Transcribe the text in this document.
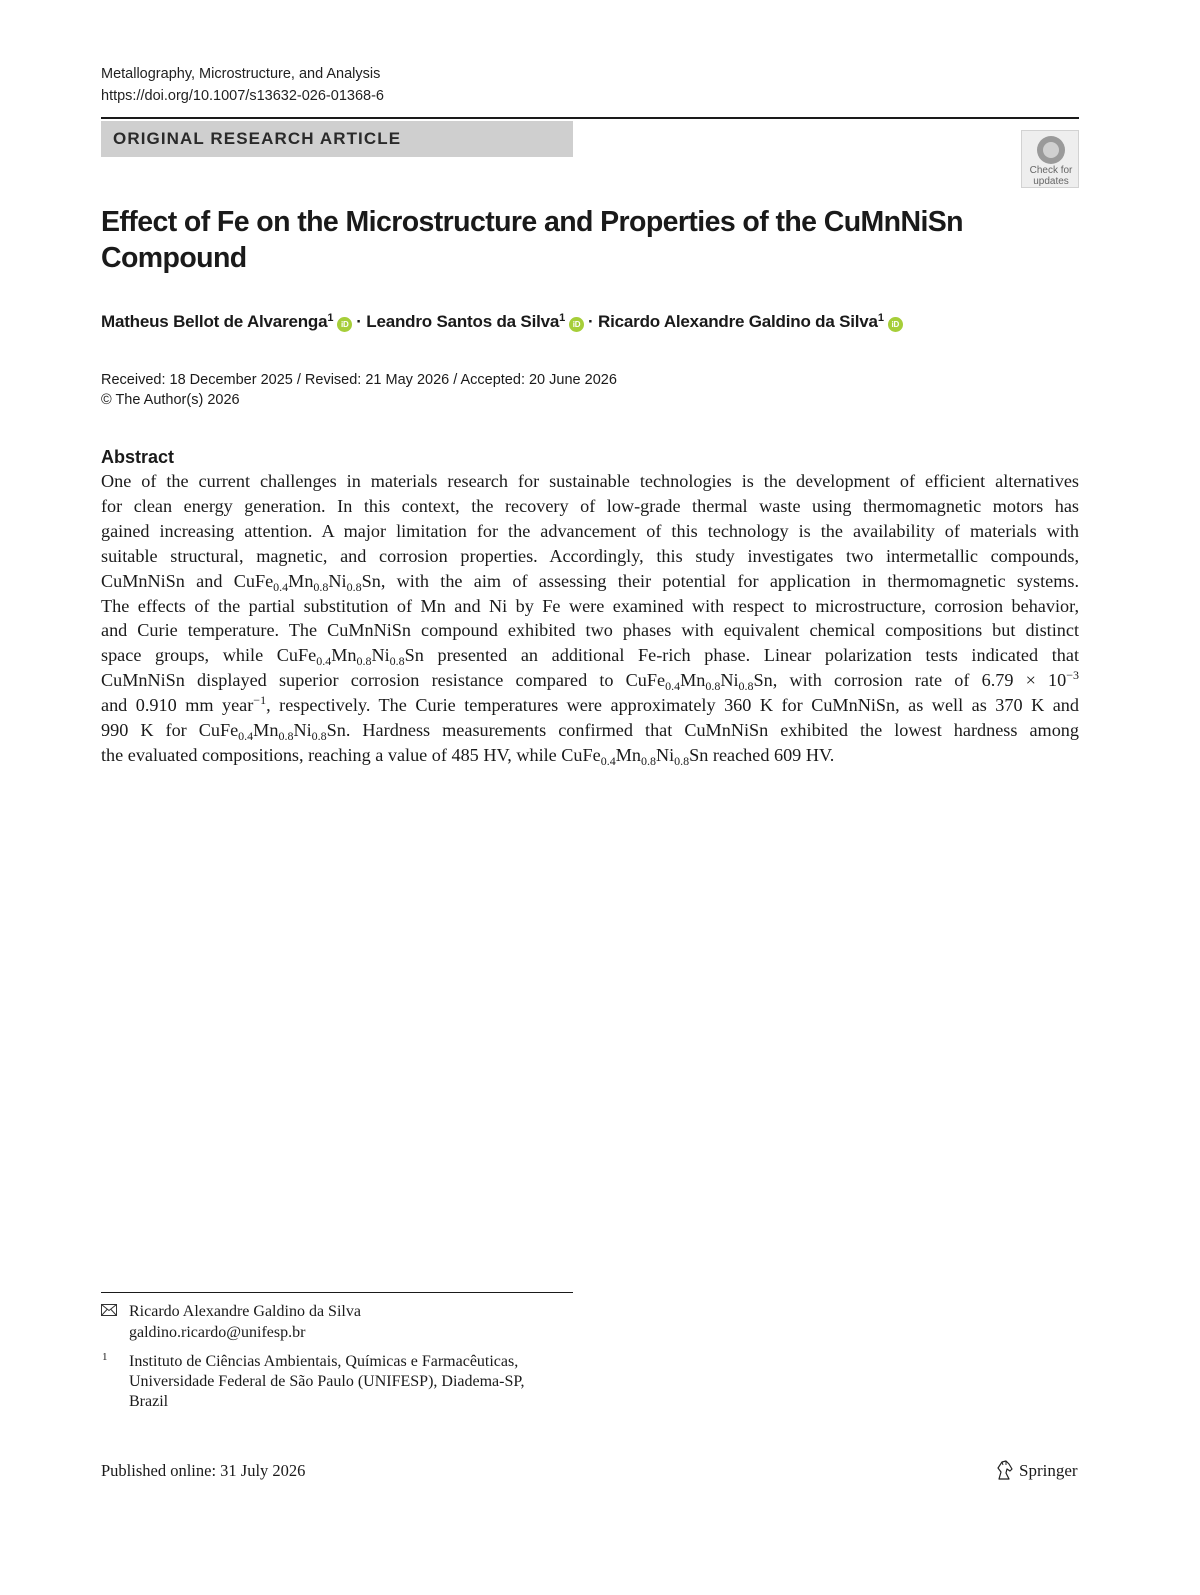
Metallography, Microstructure, and Analysis
https://doi.org/10.1007/s13632-026-01368-6
ORIGINAL RESEARCH ARTICLE
Check for
updates
Effect of Fe on the Microstructure and Properties of the CuMnNiSn
Compound
Matheus Bellot de Alvarenga$^1$iD · Leandro Santos da Silva$^1$iD · Ricardo Alexandre Galdino da Silva$^1$iD
Received: 18 December 2025 / Revised: 21 May 2026 / Accepted: 20 June 2026
© The Author(s) 2026
Abstract
One of the current challenges in materials research for sustainable technologies is the development of efficient alternatives
for clean energy generation. In this context, the recovery of low-grade thermal waste using thermomagnetic motors has
gained increasing attention. A major limitation for the advancement of this technology is the availability of materials with
suitable structural, magnetic, and corrosion properties. Accordingly, this study investigates two intermetallic compounds,
CuMnNiSn and $CuFe_{0.4}Mn_{0.8}Ni_{0.8}Sn$, with the aim of assessing their potential for application in thermomagnetic systems.
The effects of the partial substitution of Mn and Ni by Fe were examined with respect to microstructure, corrosion behavior,
and Curie temperature. The CuMnNiSn compound exhibited two phases with equivalent chemical compositions but distinct
space groups, while $CuFe_{0.4}Mn_{0.8}Ni_{0.8}Sn$ presented an additional Fe-rich phase. Linear polarization tests indicated that
CuMnNiSn displayed superior corrosion resistance compared to $CuFe_{0.4}Mn_{0.8}Ni_{0.8}Sn$, with corrosion rate of $6.79 \times 10^{-3}$
and 0.910 mm year$^{-1}$, respectively. The Curie temperatures were approximately 360 K for CuMnNiSn, as well as 370 K and
990 K for $CuFe_{0.4}Mn_{0.8}Ni_{0.8}Sn$. Hardness measurements confirmed that CuMnNiSn exhibited the lowest hardness among
the evaluated compositions, reaching a value of 485 HV, while $CuFe_{0.4}Mn_{0.8}Ni_{0.8}Sn$ reached 609 HV.
Ricardo Alexandre Galdino da Silva
galdino.ricardo@unifesp.br
1 Instituto de Ciências Ambientais, Químicas e Farmacêuticas,
Universidade Federal de São Paulo (UNIFESP), Diadema-SP,
Brazil
Published online: 31 July 2026	Springer
